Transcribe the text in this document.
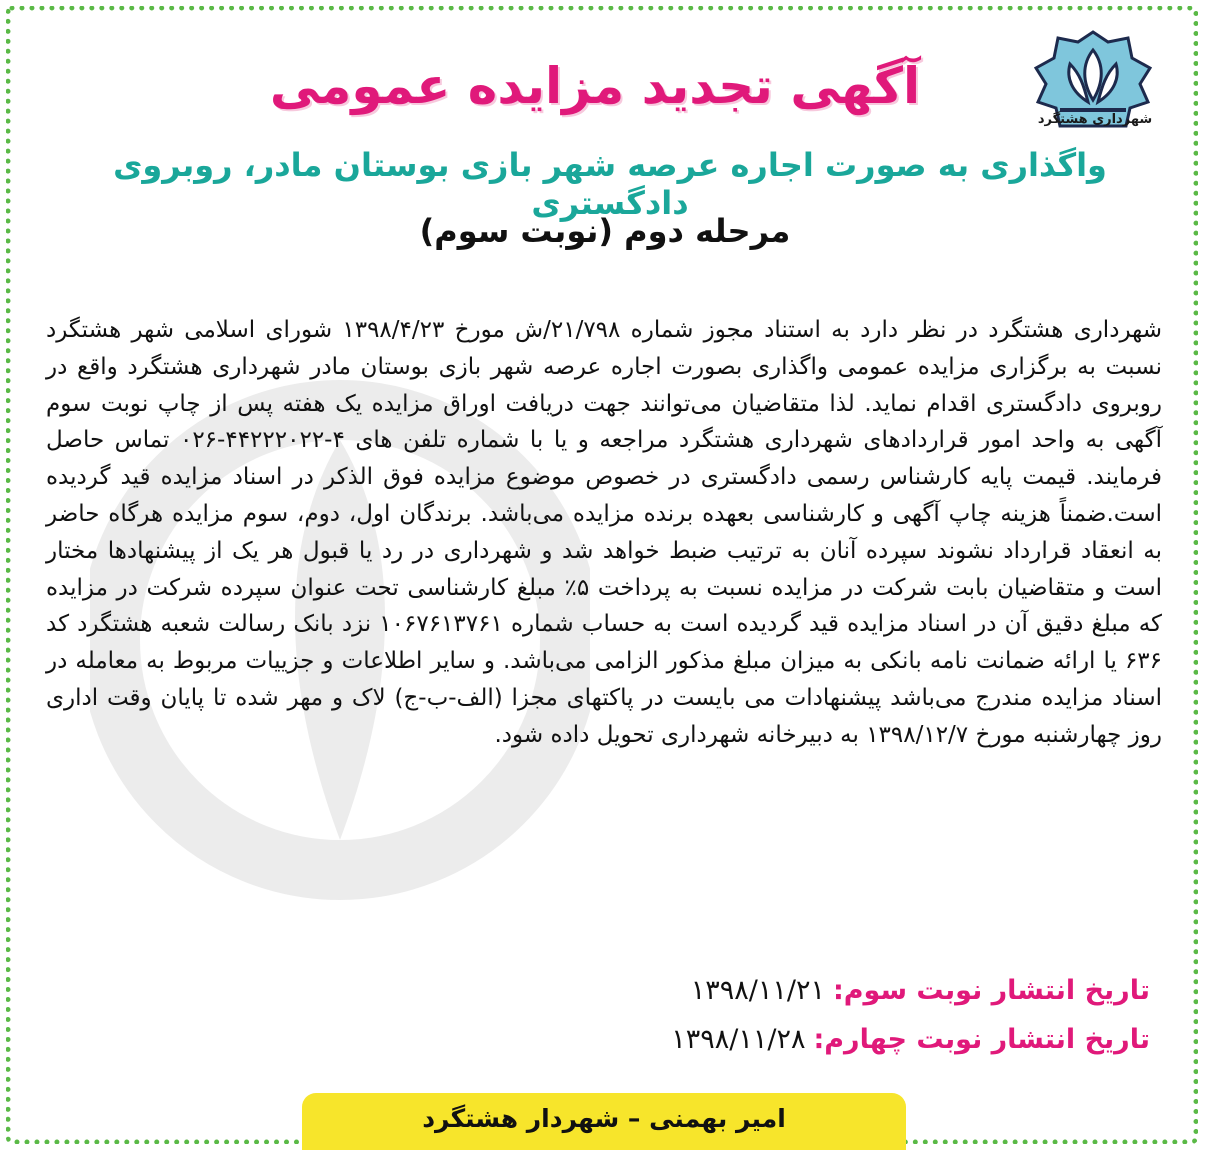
شهرداری هشتگرد
آگهی تجدید مزایده عمومی
واگذاری به صورت اجاره عرصه شهر بازی بوستان مادر، روبروی دادگستری
مرحله دوم (نوبت سوم)
شهرداری هشتگرد در نظر دارد به استناد مجوز شماره ۲۱/۷۹۸/ش مورخ ۱۳۹۸/۴/۲۳ شورای اسلامی شهر هشتگرد نسبت به برگزاری مزایده عمومی واگذاری بصورت اجاره عرصه شهر بازی بوستان مادر شهرداری هشتگرد واقع در روبروی دادگستری اقدام نماید. لذا متقاضیان می‌توانند جهت دریافت اوراق مزایده یک هفته پس از چاپ نوبت سوم آگهی به واحد امور قراردادهای شهرداری هشتگرد مراجعه و یا با شماره تلفن های ۴-۴۴۲۲۲۰۲۲-۰۲۶ تماس حاصل فرمایند. قیمت پایه کارشناس رسمی دادگستری در خصوص موضوع مزایده فوق الذکر در اسناد مزایده قید گردیده است.ضمناً هزینه چاپ آگهی و کارشناسی بعهده برنده مزایده می‌باشد. برندگان اول، دوم، سوم مزایده هرگاه حاضر به انعقاد قرارداد نشوند سپرده آنان به ترتیب ضبط خواهد شد و شهرداری در رد یا قبول هر یک از پیشنهادها مختار است و متقاضیان بابت شرکت در مزایده نسبت به پرداخت ۵٪ مبلغ کارشناسی تحت عنوان سپرده شرکت در مزایده که مبلغ دقیق آن در اسناد مزایده قید گردیده است به حساب شماره ۱۰۶۷۶۱۳۷۶۱ نزد بانک رسالت شعبه هشتگرد کد ۶۳۶ یا ارائه ضمانت نامه بانکی به میزان مبلغ مذکور الزامی می‌باشد. و سایر اطلاعات و جزییات مربوط به معامله در اسناد مزایده مندرج می‌باشد پیشنهادات می بایست در پاکتهای مجزا (الف-ب-ج) لاک و مهر شده تا پایان وقت اداری روز چهارشنبه مورخ ۱۳۹۸/۱۲/۷ به دبیرخانه شهرداری تحویل داده شود.
تاریخ انتشار نوبت سوم:۱۳۹۸/۱۱/۲۱
تاریخ انتشار نوبت چهارم:۱۳۹۸/۱۱/۲۸
امیر بهمنی – شهردار هشتگرد
